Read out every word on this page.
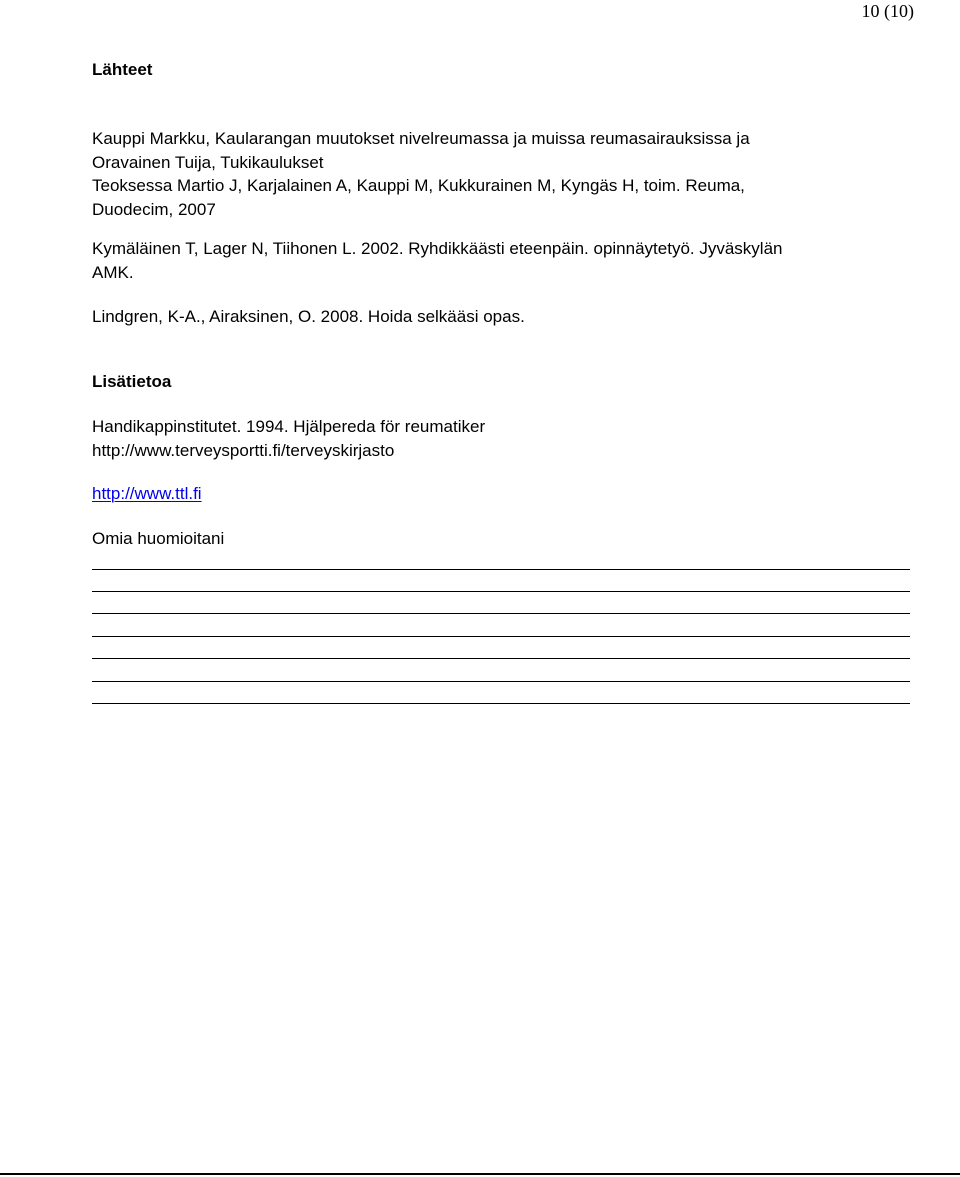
10 (10)
Lähteet
Kauppi Markku, Kaularangan muutokset nivelreumassa ja muissa reumasairauksissa ja
Oravainen Tuija, Tukikaulukset
Teoksessa Martio J, Karjalainen A, Kauppi M, Kukkurainen M, Kyngäs H, toim. Reuma,
Duodecim, 2007
Kymäläinen T, Lager N, Tiihonen L. 2002. Ryhdikkäästi eteenpäin. opinnäytetyö. Jyväskylän
AMK.
Lindgren, K-A., Airaksinen, O. 2008. Hoida selkääsi opas.
Lisätietoa
Handikappinstitutet. 1994. Hjälpereda för reumatiker
http://www.terveysportti.fi/terveyskirjasto
http://www.ttl.fi
Omia huomioitani
